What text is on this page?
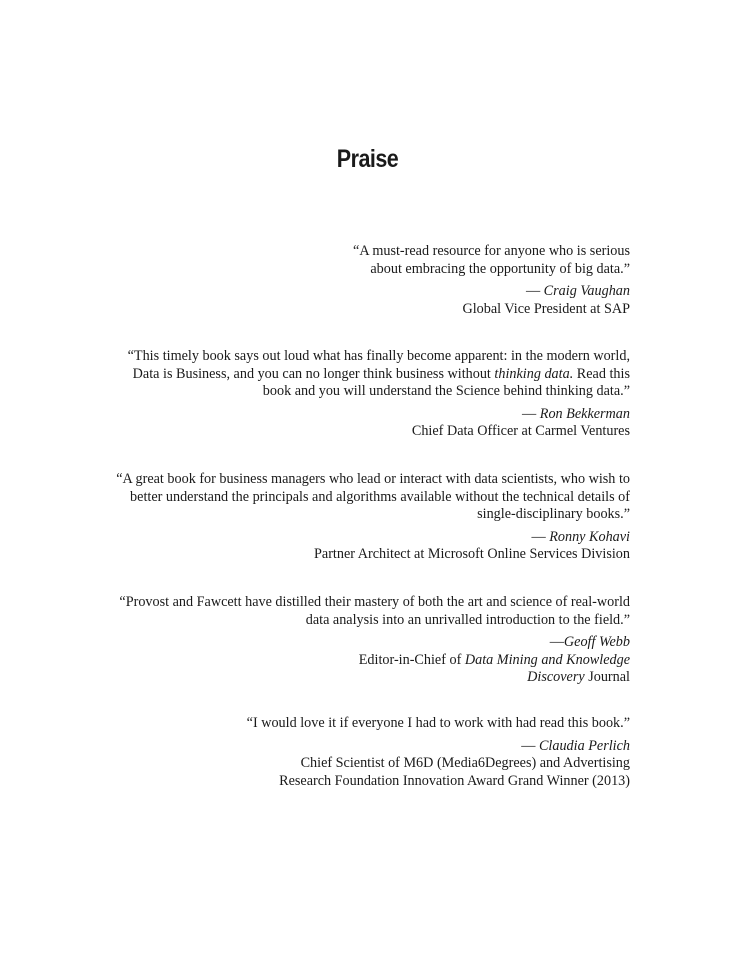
Praise
“A must-read resource for anyone who is serious
about embracing the opportunity of big data.”
— Craig Vaughan
Global Vice President at SAP
“This timely book says out loud what has finally become apparent: in the modern world,
Data is Business, and you can no longer think business without thinking data. Read this
book and you will understand the Science behind thinking data.”
— Ron Bekkerman
Chief Data Officer at Carmel Ventures
“A great book for business managers who lead or interact with data scientists, who wish to
better understand the principals and algorithms available without the technical details of
single-disciplinary books.”
— Ronny Kohavi
Partner Architect at Microsoft Online Services Division
“Provost and Fawcett have distilled their mastery of both the art and science of real-world
data analysis into an unrivalled introduction to the field.”
—Geoff Webb
Editor-in-Chief of Data Mining and Knowledge
Discovery Journal
“I would love it if everyone I had to work with had read this book.”
— Claudia Perlich
Chief Scientist of M6D (Media6Degrees) and Advertising
Research Foundation Innovation Award Grand Winner (2013)
